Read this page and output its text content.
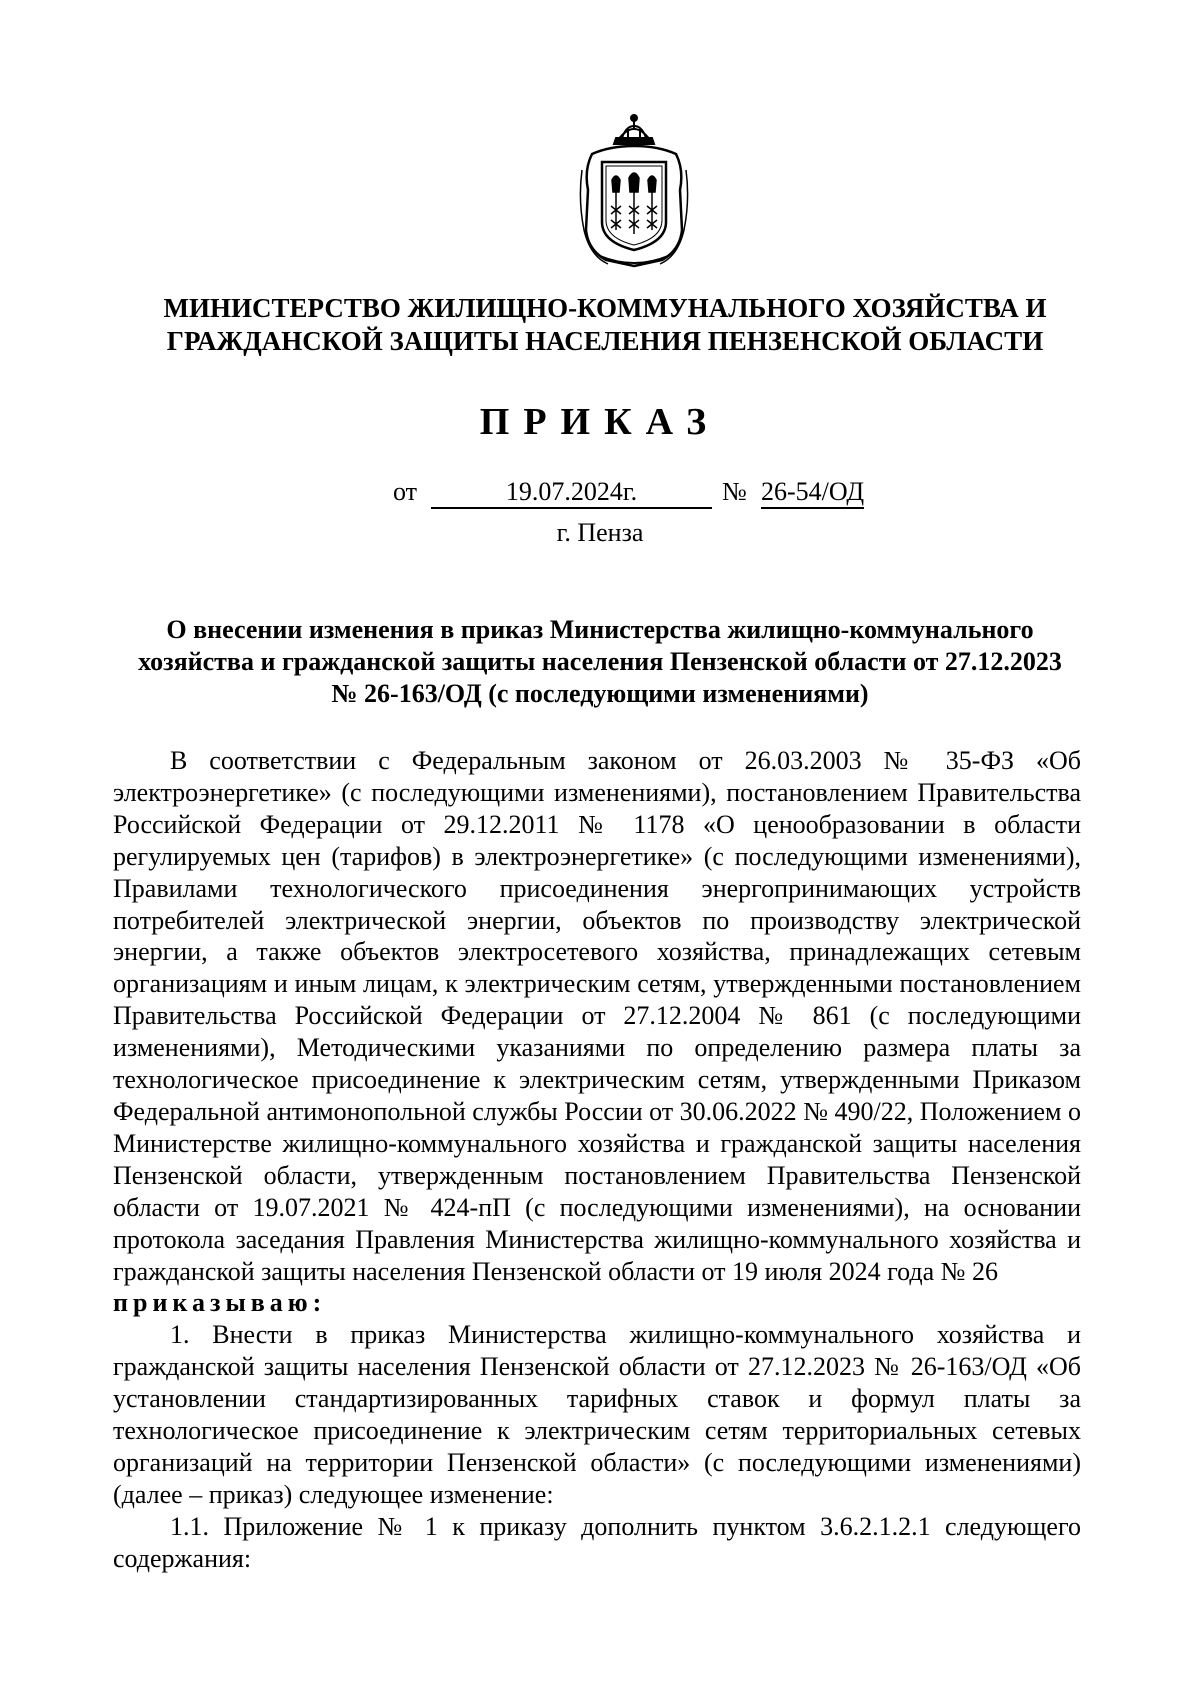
МИНИСТЕРСТВО ЖИЛИЩНО-КОММУНАЛЬНОГО ХОЗЯЙСТВА И
ГРАЖДАНСКОЙ ЗАЩИТЫ НАСЕЛЕНИЯ ПЕНЗЕНСКОЙ ОБЛАСТИ
ПРИКАЗ
от	19.07.2024г.	№ 26-54/ОД
г. Пенза
О внесении изменения в приказ Министерства жилищно-коммунального
хозяйства и гражданской защиты населения Пензенской области от 27.12.2023
№ 26-163/ОД (с последующими изменениями)

В соответствии с Федеральным законом от 26.03.2003 № 35-ФЗ «Об электроэнергетике» (с последующими изменениями), постановлением Правительства Российской Федерации от 29.12.2011 № 1178 «О ценообразовании в области регулируемых цен (тарифов) в электроэнергетике» (с последующими изменениями), Правилами технологического присоединения энергопринимающих устройств потребителей электрической энергии, объектов по производству электрической энергии, а также объектов электросетевого хозяйства, принадлежащих сетевым организациям и иным лицам, к электрическим сетям, утвержденными постановлением Правительства Российской Федерации от 27.12.2004 № 861 (с последующими изменениями), Методическими указаниями по определению размера платы за технологическое присоединение к электрическим сетям, утвержденными Приказом Федеральной антимонопольной службы России от 30.06.2022 № 490/22, Положением о Министерстве жилищно-коммунального хозяйства и гражданской защиты населения Пензенской области, утвержденным постановлением Правительства Пензенской области от 19.07.2021 № 424-пП (с последующими изменениями), на основании протокола заседания Правления Министерства жилищно-коммунального хозяйства и гражданской защиты населения Пензенской области от 19 июля 2024 года № 26

приказываю:

1. Внести в приказ Министерства жилищно-коммунального хозяйства и гражданской защиты населения Пензенской области от 27.12.2023 № 26-163/ОД «Об установлении стандартизированных тарифных ставок и формул платы за технологическое присоединение к электрическим сетям территориальных сетевых организаций на территории Пензенской области» (с последующими изменениями) (далее – приказ) следующее изменение:

1.1. Приложение № 1 к приказу дополнить пунктом 3.6.2.1.2.1 следующего содержания:
